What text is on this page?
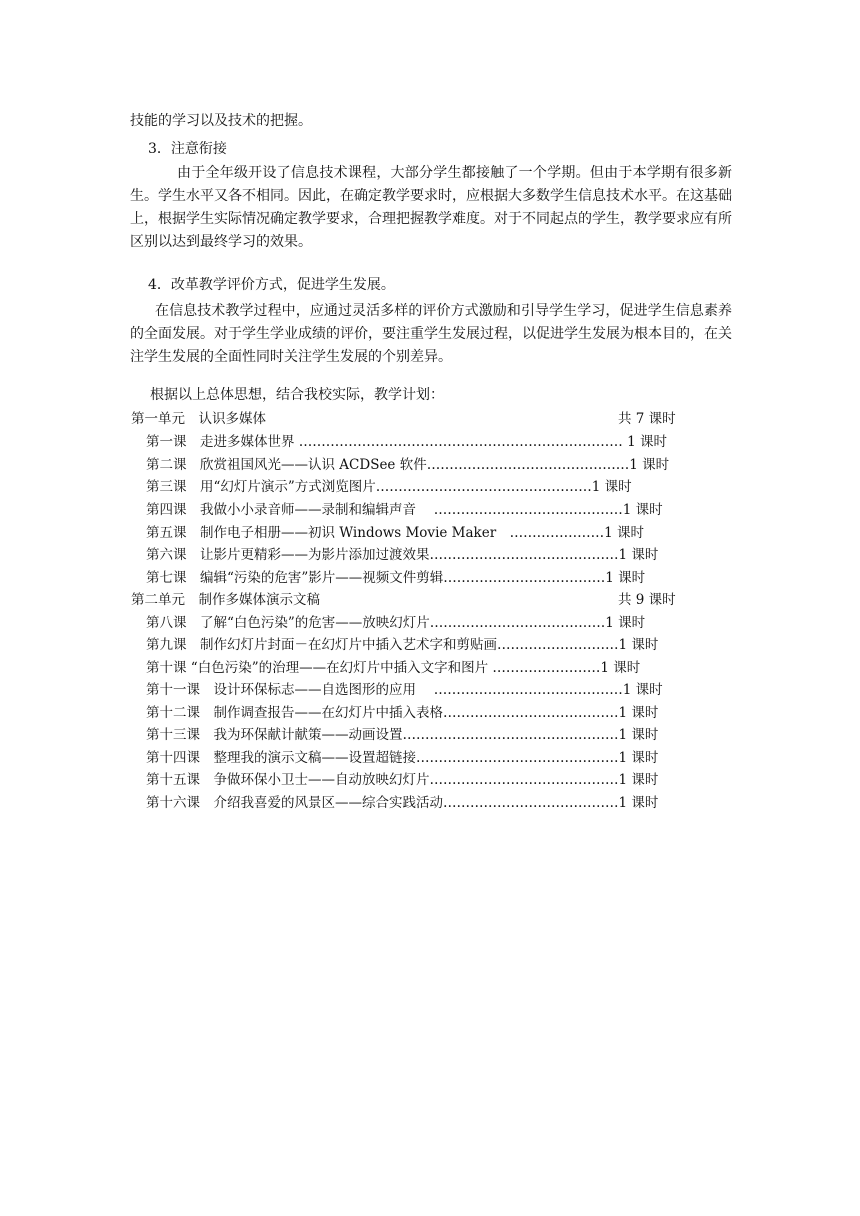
技能的学习以及技术的把握。

3．注意衔接

由于全年级开设了信息技术课程，大部分学生都接触了一个学期。但由于本学期有很多新生。学生水平又各不相同。因此，在确定教学要求时，应根据大多数学生信息技术水平。在这基础上，根据学生实际情况确定教学要求，合理把握教学难度。对于不同起点的学生，教学要求应有所区别以达到最终学习的效果。

4．改革教学评价方式，促进学生发展。

在信息技术教学过程中，应通过灵活多样的评价方式激励和引导学生学习，促进学生信息素养的全面发展。对于学生学业成绩的评价，要注重学生发展过程，以促进学生发展为根本目的，在关注学生发展的全面性同时关注学生发展的个别差异。

根据以上总体思想，结合我校实际，教学计划：

第一单元　认识多媒体	共 7 课时
第一课　走进多媒体世界 ……………………………………………………………… 1 课时
第二课　欣赏祖国风光——认识 ACDSee 软件………………………………………1 课时
第三课　用“幻灯片演示”方式浏览图片…………………………………………1 课时
第四课　我做小小录音师——录制和编辑声音　 ……………………………………1 课时
第五课　制作电子相册——初识 Windows Movie Maker　…………………1 课时
第六课　让影片更精彩——为影片添加过渡效果……………………………………1 课时
第七课　编辑“污染的危害”影片——视频文件剪辑………………………………1 课时
第二单元　制作多媒体演示文稿	共 9 课时
第八课　了解“白色污染”的危害——放映幻灯片…………………………………1 课时
第九课　制作幻灯片封面－在幻灯片中插入艺术字和剪贴画………………………1 课时
第十课 “白色污染”的治理——在幻灯片中插入文字和图片 ……………………1 课时
第十一课　设计环保标志——自选图形的应用　 ……………………………………1 课时
第十二课　制作调查报告——在幻灯片中插入表格…………………………………1 课时
第十三课　我为环保献计献策——动画设置…………………………………………1 课时
第十四课　整理我的演示文稿——设置超链接………………………………………1 课时
第十五课　争做环保小卫士——自动放映幻灯片……………………………………1 课时
第十六课　介绍我喜爱的风景区——综合实践活动…………………………………1 课时
